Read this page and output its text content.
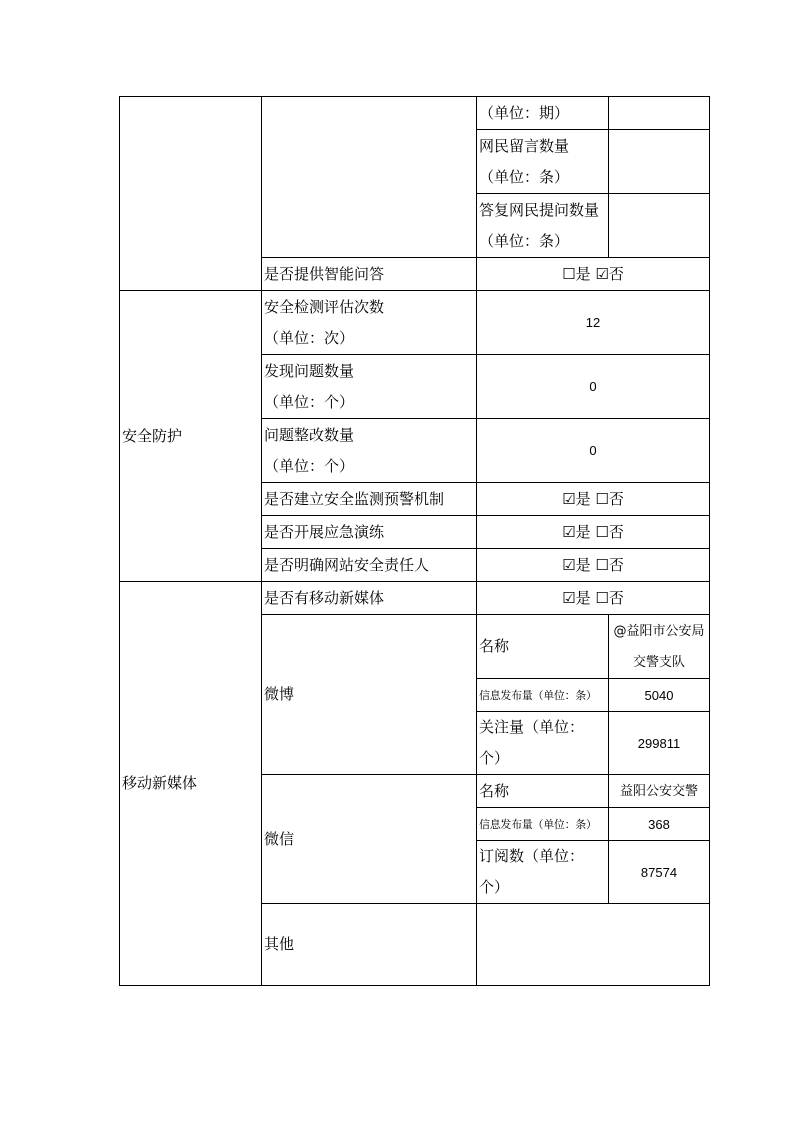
		（单位：期）	

		网民留言数量
（单位：条）	

		答复网民提问数量
（单位：条）	

	是否提供智能问答	☐是 ☑否	
安全防护	安全检测评估次数
（单位：次）	12	

	发现问题数量
（单位：个）	0	

	问题整改数量
（单位：个）	0	
	是否建立安全监测预警机制	☑是 ☐否	
	是否开展应急演练	☑是 ☐否	
	是否明确网站安全责任人	☑是 ☐否	
移动新媒体	是否有移动新媒体	☑是 ☐否	
	微博	名称	@益阳市公安局
交警支队

		信息发布量（单位：条）	5040
		关注量（单位：个）	299811
	微信	名称	益阳公安交警
		信息发布量（单位：条）	368
		订阅数（单位：个）	87574
	其他		
